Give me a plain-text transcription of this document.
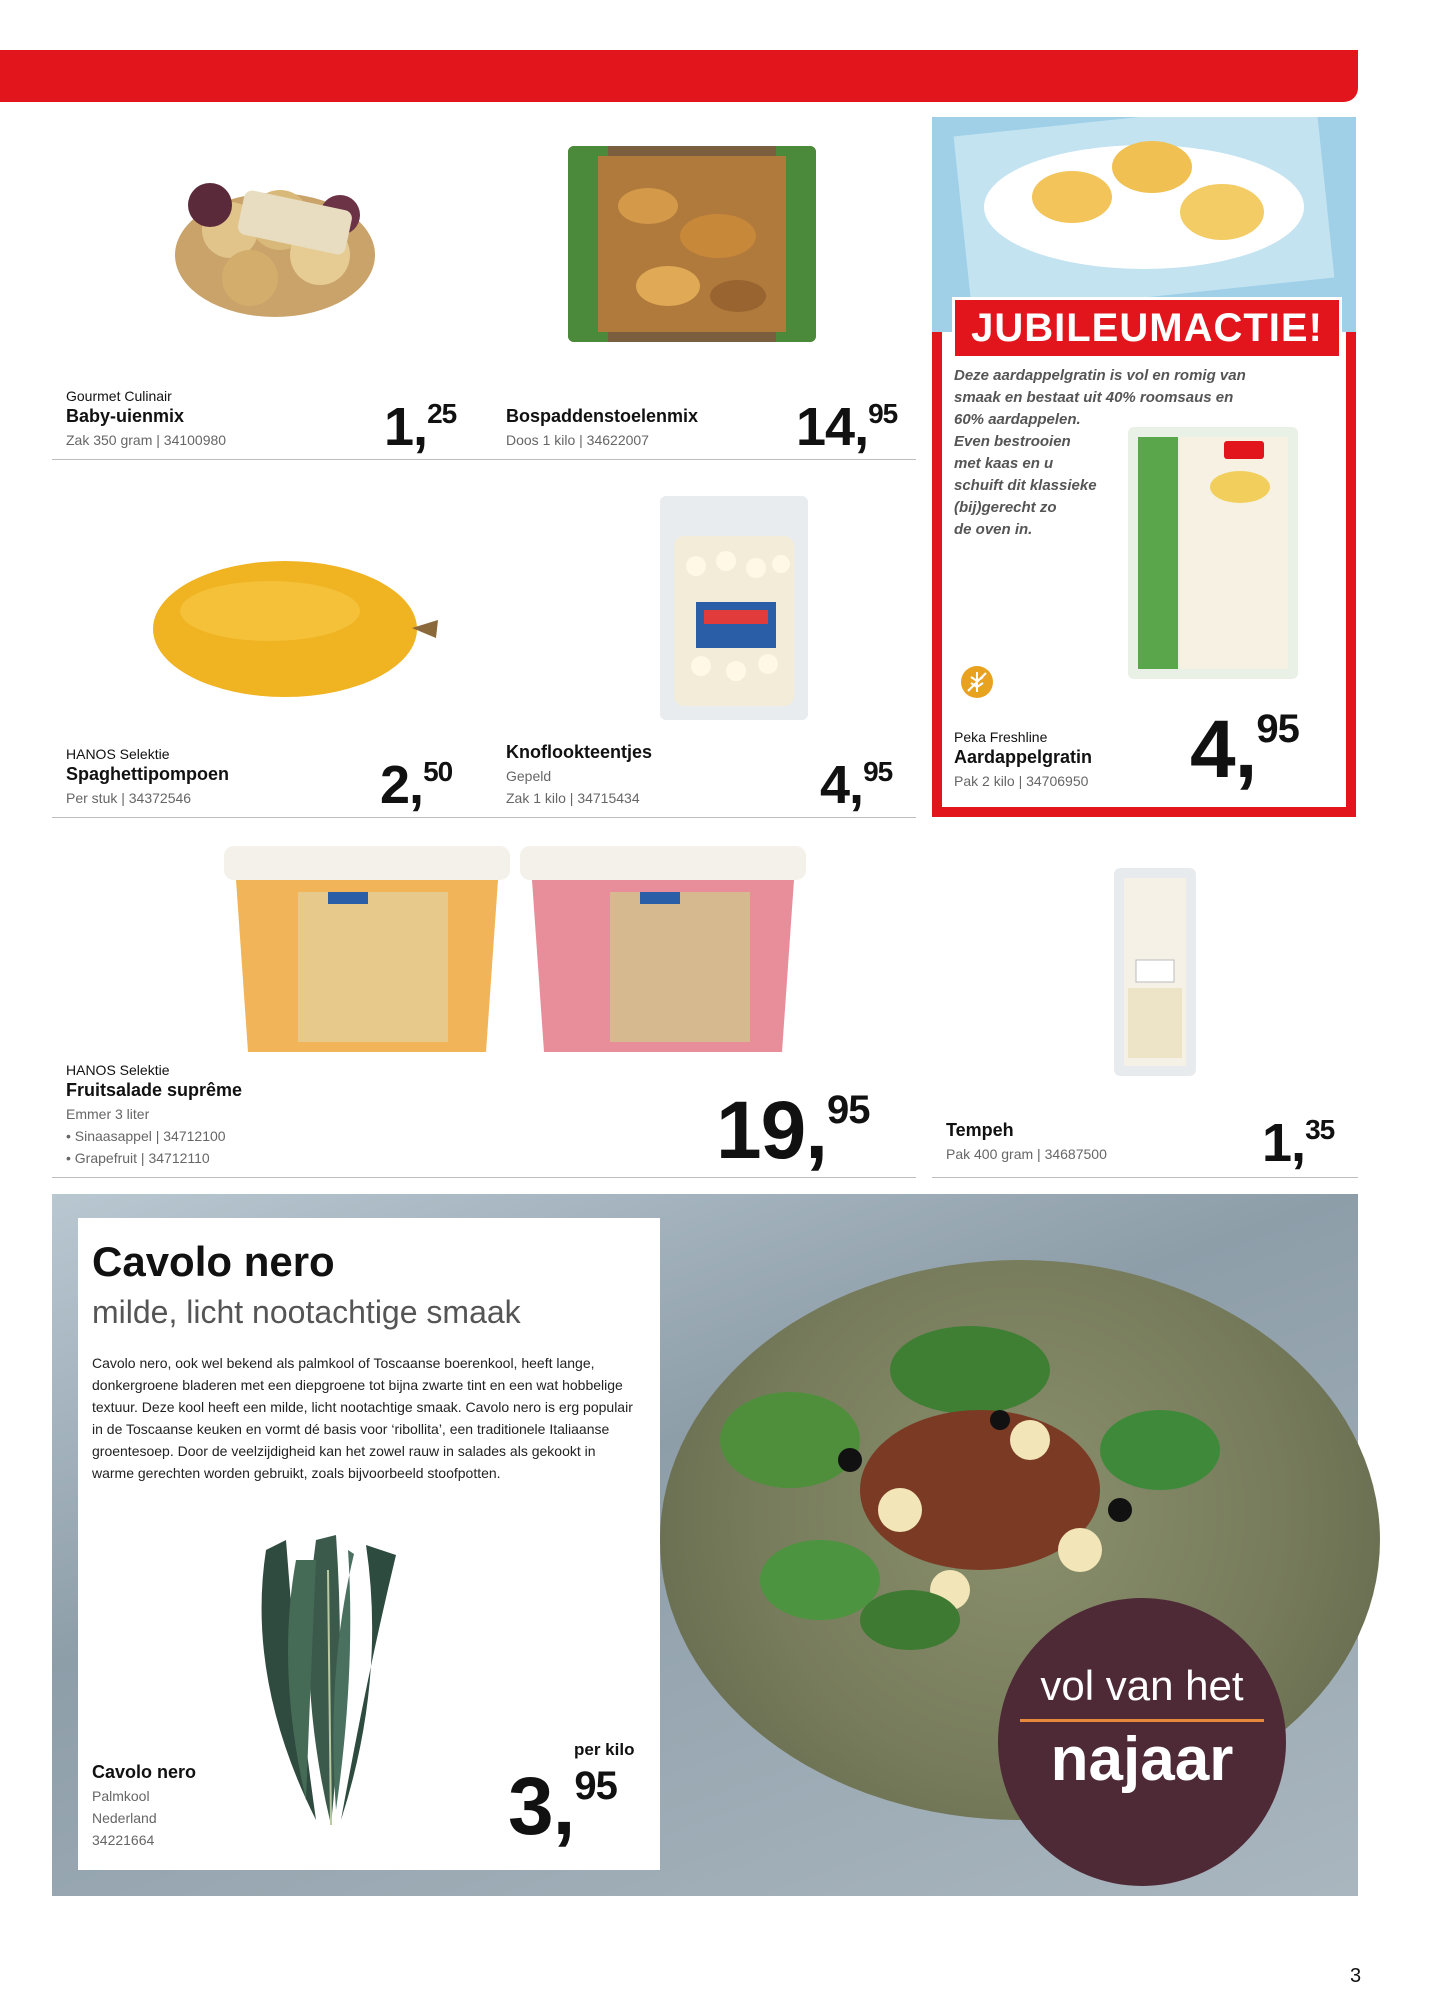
Gourmet Culinair
Baby-uienmix
Zak 350 gram | 34100980	1,25	Bospaddenstoelenmix
Doos 1 kilo | 34622007	14,95
HANOS Selektie
Spaghettipompoen
Per stuk | 34372546	2,50
Knoflookteentjes
Gepeld
Zak 1 kilo | 34715434	4,95
JUBILEUMACTIE!
Deze aardappelgratin is vol en romig van
smaak en bestaat uit 40% roomsaus en
60% aardappelen.
Even bestrooien
met kaas en u
schuift dit klassieke
(bij)gerecht zo
de oven in.
Peka Freshline
Aardappelgratin
Pak 2 kilo | 34706950 4,95
HANOS Selektie
Fruitsalade suprême
Emmer 3 liter
• Sinaasappel | 34712100
• Grapefruit | 34712110	19,95	Tempeh
Pak 400 gram | 34687500	1,35
Cavolo nero
milde, licht nootachtige smaak
Cavolo nero, ook wel bekend als palmkool of Toscaanse boerenkool, heeft lange, donkergroene bladeren met een diepgroene tot bijna zwarte tint en een wat hobbelige textuur. Deze kool heeft een milde, licht nootachtige smaak. Cavolo nero is erg populair in de Toscaanse keuken en vormt dé basis voor ‘ribollita’, een traditionele Italiaanse groentesoep. Door de veelzijdigheid kan het zowel rauw in salades als gekookt in warme gerechten worden gebruikt, zoals bijvoorbeeld stoofpotten.
Cavolo nero
Palmkool
Nederland
34221664
per kilo
3,95
vol van het
najaar
3
